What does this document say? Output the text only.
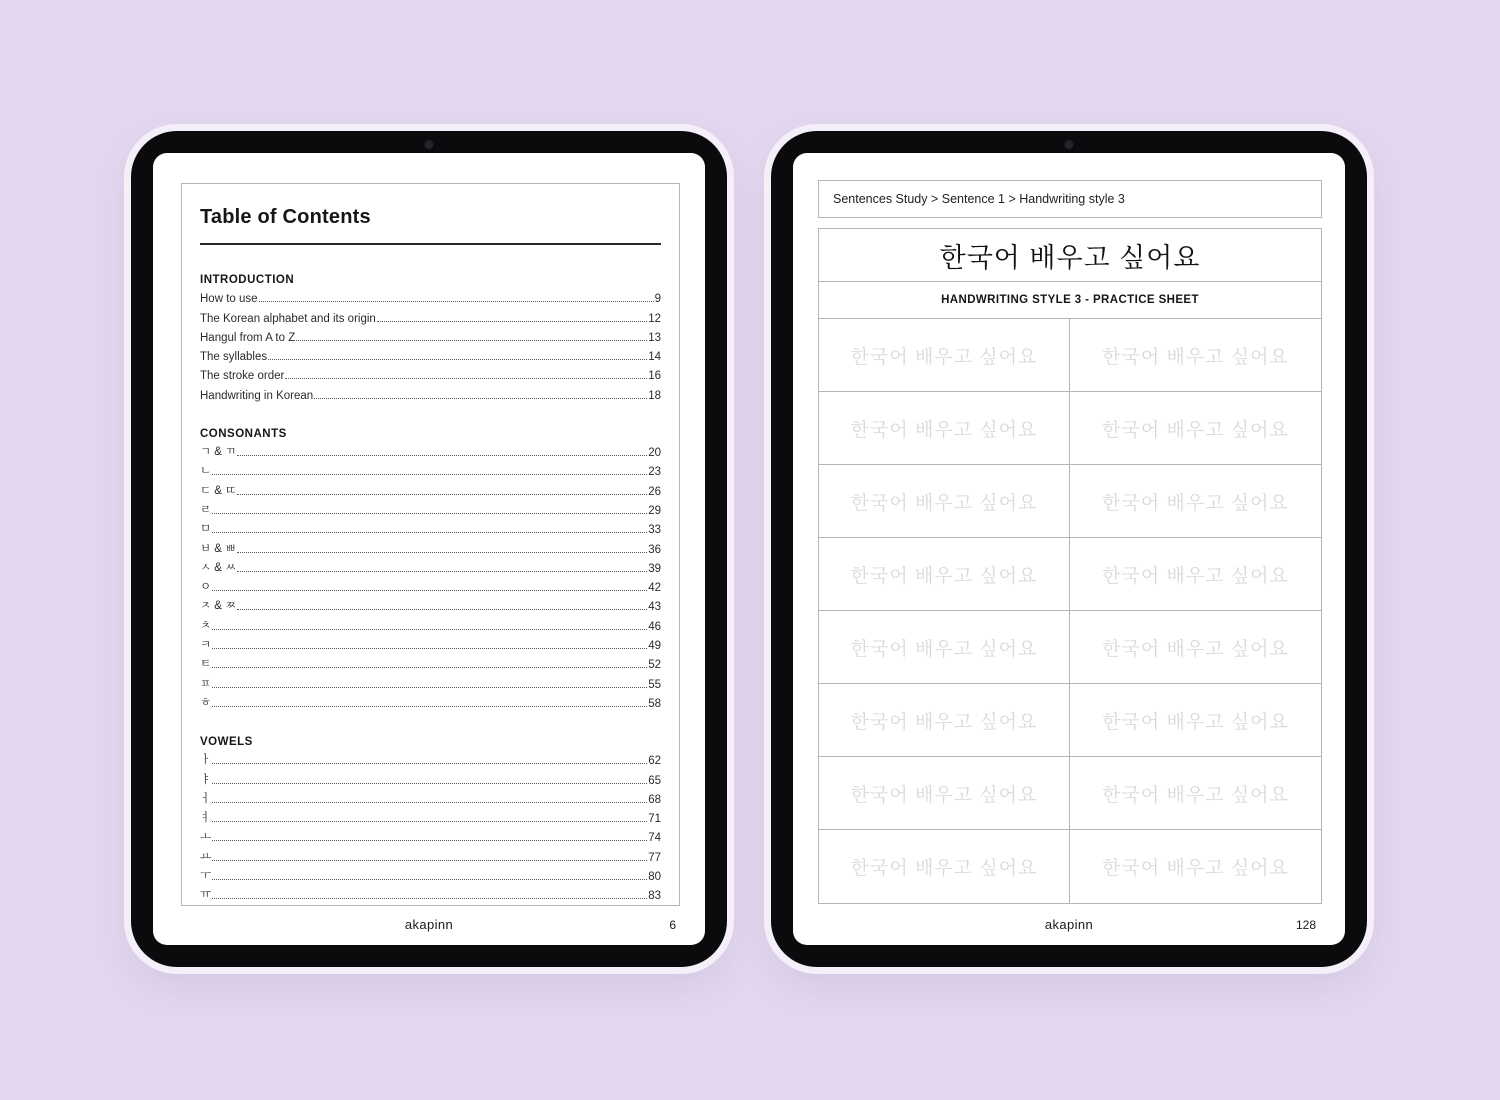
Table of Contents
INTRODUCTION
How to use	9
The Korean alphabet and its origin	12
Hangul from A to Z	13
The syllables	14
The stroke order	16
Handwriting in Korean	18
CONSONANTS
ㄱ & ㄲ	20
ㄴ	23
ㄷ & ㄸ	26
ㄹ	29
ㅁ	33
ㅂ & ㅃ	36
ㅅ & ㅆ	39
ㅇ	42
ㅈ & ㅉ	43
ㅊ	46
ㅋ	49
ㅌ	52
ㅍ	55
ㅎ	58
VOWELS
ㅏ	62
ㅑ	65
ㅓ	68
ㅕ	71
ㅗ	74
ㅛ	77
ㅜ	80
ㅠ	83
akapinn	6
Sentences Study > Sentence 1 > Handwriting style 3
한국어 배우고 싶어요
HANDWRITING STYLE 3 - PRACTICE SHEET
한국어 배우고 싶어요	한국어 배우고 싶어요
한국어 배우고 싶어요	한국어 배우고 싶어요
한국어 배우고 싶어요	한국어 배우고 싶어요
한국어 배우고 싶어요	한국어 배우고 싶어요
한국어 배우고 싶어요	한국어 배우고 싶어요
한국어 배우고 싶어요	한국어 배우고 싶어요
한국어 배우고 싶어요	한국어 배우고 싶어요
한국어 배우고 싶어요	한국어 배우고 싶어요
akapinn	128
